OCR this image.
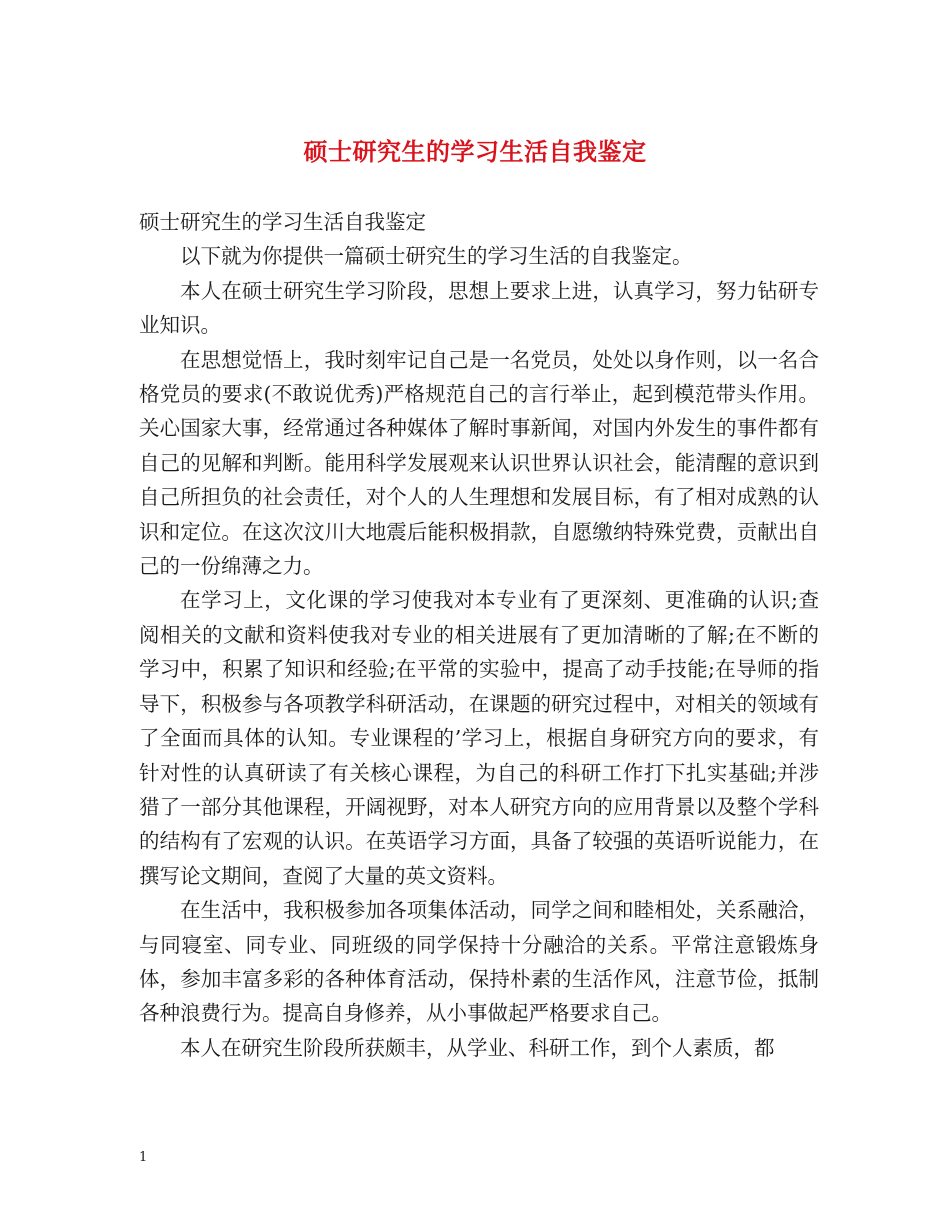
硕士研究生的学习生活自我鉴定

硕士研究生的学习生活自我鉴定

以下就为你提供一篇硕士研究生的学习生活的自我鉴定。

本人在硕士研究生学习阶段，思想上要求上进，认真学习，努力钻研专业知识。

在思想觉悟上，我时刻牢记自己是一名党员，处处以身作则，以一名合格党员的要求(不敢说优秀)严格规范自己的言行举止，起到模范带头作用。关心国家大事，经常通过各种媒体了解时事新闻，对国内外发生的事件都有自己的见解和判断。能用科学发展观来认识世界认识社会，能清醒的意识到自己所担负的社会责任，对个人的人生理想和发展目标，有了相对成熟的认识和定位。在这次汶川大地震后能积极捐款，自愿缴纳特殊党费，贡献出自己的一份绵薄之力。

在学习上，文化课的学习使我对本专业有了更深刻、更准确的认识;查阅相关的文献和资料使我对专业的相关进展有了更加清晰的了解;在不断的学习中，积累了知识和经验;在平常的实验中，提高了动手技能;在导师的指导下，积极参与各项教学科研活动，在课题的研究过程中，对相关的领域有了全面而具体的认知。专业课程的’学习上，根据自身研究方向的要求，有针对性的认真研读了有关核心课程，为自己的科研工作打下扎实基础;并涉猎了一部分其他课程，开阔视野，对本人研究方向的应用背景以及整个学科的结构有了宏观的认识。在英语学习方面，具备了较强的英语听说能力，在撰写论文期间，查阅了大量的英文资料。

在生活中，我积极参加各项集体活动，同学之间和睦相处，关系融洽，与同寝室、同专业、同班级的同学保持十分融洽的关系。平常注意锻炼身体，参加丰富多彩的各种体育活动，保持朴素的生活作风，注意节俭，抵制各种浪费行为。提高自身修养，从小事做起严格要求自己。

本人在研究生阶段所获颇丰，从学业、科研工作，到个人素质，都

1
